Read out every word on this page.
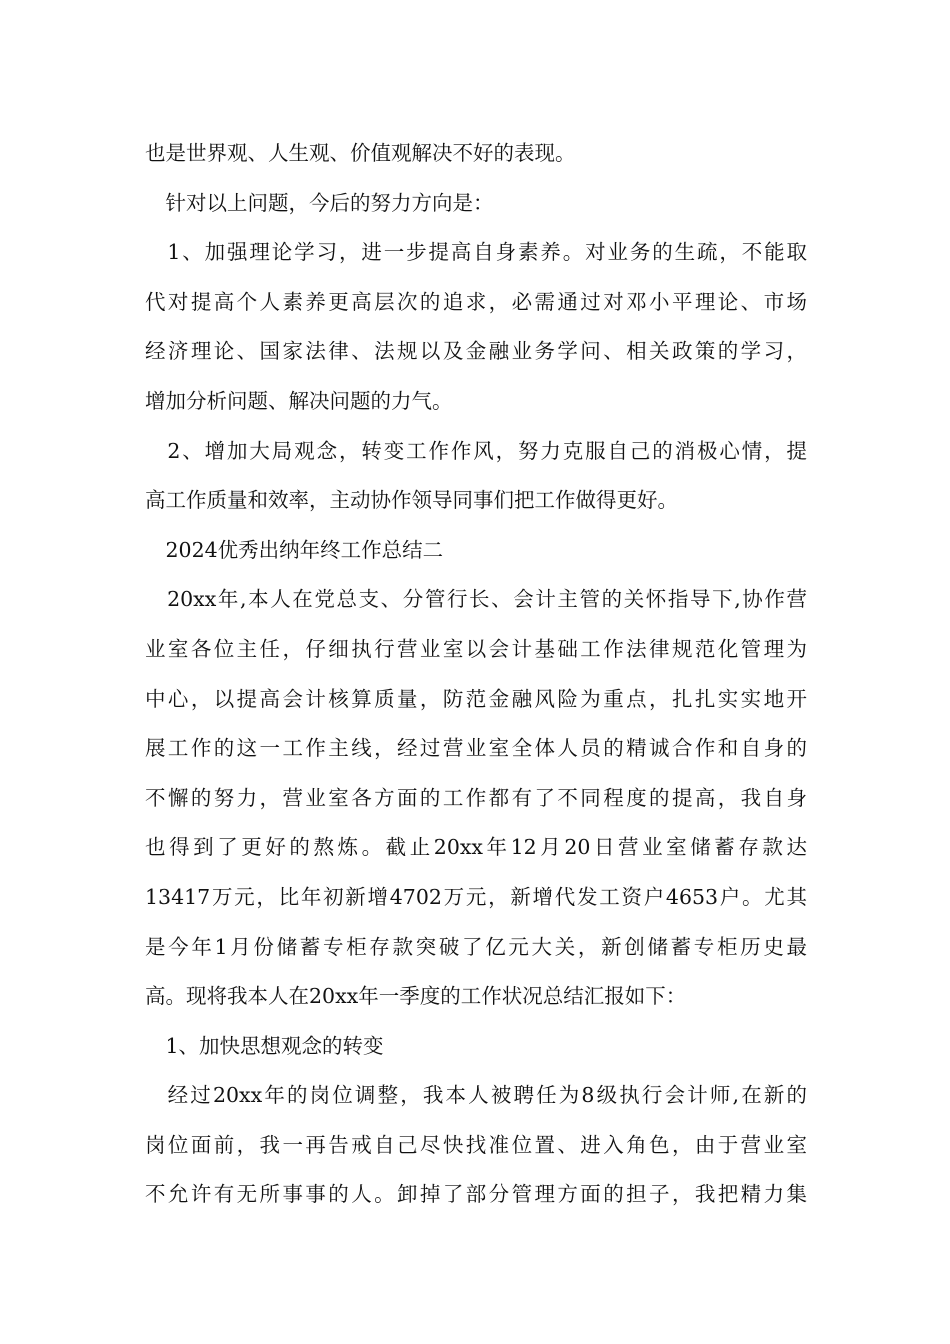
也是世界观、人生观、价值观解决不好的表现。

　针对以上问题，今后的努力方向是：

　1、加强理论学习，进一步提高自身素养。对业务的生疏，不能取

代对提高个人素养更高层次的追求，必需通过对邓小平理论、市场

经济理论、国家法律、法规以及金融业务学问、相关政策的学习，

增加分析问题、解决问题的力气。

　2、增加大局观念，转变工作作风，努力克服自己的消极心情，提

高工作质量和效率，主动协作领导同事们把工作做得更好。

　2024优秀出纳年终工作总结二

　20xx年,本人在党总支、分管行长、会计主管的关怀指导下,协作营

业室各位主任，仔细执行营业室以会计基础工作法律规范化管理为

中心，以提高会计核算质量，防范金融风险为重点，扎扎实实地开

展工作的这一工作主线，经过营业室全体人员的精诚合作和自身的

不懈的努力，营业室各方面的工作都有了不同程度的提高，我自身

也得到了更好的熬炼。截止20xx年12月20日营业室储蓄存款达

13417万元，比年初新增4702万元，新增代发工资户4653户。尤其

是今年1月份储蓄专柜存款突破了亿元大关，新创储蓄专柜历史最

高。现将我本人在20xx年一季度的工作状况总结汇报如下：

　1、加快思想观念的转变

　经过20xx年的岗位调整，我本人被聘任为8级执行会计师,在新的

岗位面前，我一再告戒自己尽快找准位置、进入角色，由于营业室

不允许有无所事事的人。卸掉了部分管理方面的担子，我把精力集
